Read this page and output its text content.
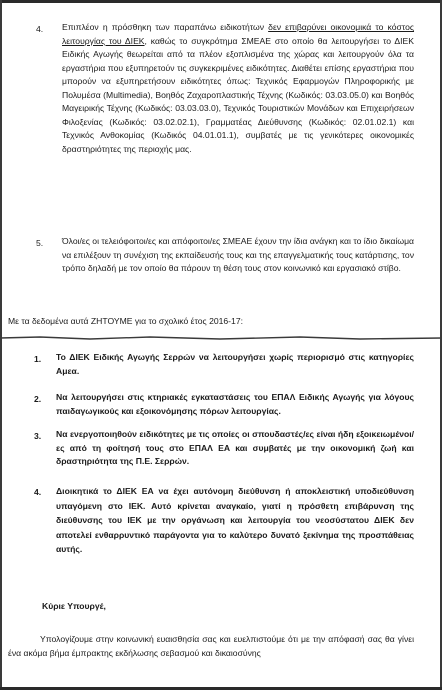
4. Επιπλέον η πρόσθηκη των παραπάνω ειδικοτήτων δεν επιβαρύνει οικονομικά το κόστος λειτουργίας του ΔΙΕΚ, καθώς το συγκρότημα ΣΜΕΑΕ στο οποίο θα λειτουργήσει το ΔΙΕΚ Ειδικής Αγωγής θεωρείται από τα πλέον εξοπλισμένα της χώρας και λειτουργούν όλα τα εργαστήρια που εξυπηρετούν τις συγκεκριμένες ειδικότητες. Διαθέτει επίσης εργαστήρια που μπορούν να εξυπηρετήσουν ειδικότητες όπως: Τεχνικός Εφαρμογών Πληροφορικής με Πολυμέσα (Multimedia), Βοηθός Ζαχαροπλαστικής Τέχνης (Κωδικός: 03.03.05.0) και Βοηθός Μαγειρικής Τέχνης (Κωδικός: 03.03.03.0), Τεχνικός Τουριστικών Μονάδων και Επιχειρήσεων Φιλοξενίας (Κωδικός: 03.02.02.1), Γραμματέας Διεύθυνσης (Κωδικός: 02.01.02.1) και Τεχνικός Ανθοκομίας (Κωδικός 04.01.01.1), συμβατές με τις γενικότερες οικονομικές δραστηριότητες της περιοχής μας.

5. Όλοι/ες οι τελειόφοιτοι/ες και απόφοιτοι/ες ΣΜΕΑΕ έχουν την ίδια ανάγκη και το ίδιο δικαίωμα να επιλέξουν τη συνέχιση της εκπαίδευσής τους και της επαγγελματικής τους κατάρτισης, τον τρόπο δηλαδή με τον οποίο θα πάρουν τη θέση τους στον κοινωνικό και εργασιακό στίβο.

Με τα δεδομένα αυτά ΖΗΤΟΥΜΕ για το σχολικό έτος 2016-17:
1. Το ΔΙΕΚ Ειδικής Αγωγής Σερρών να λειτουργήσει χωρίς περιορισμό στις κατηγορίες Αμεα.

2. Να λειτουργήσει στις κτηριακές εγκαταστάσεις του ΕΠΑΛ Ειδικής Αγωγής για λόγους παιδαγωγικούς και εξοικονόμησης πόρων λειτουργίας.

3. Να ενεργοποιηθούν ειδικότητες με τις οποίες οι σπουδαστές/ες είναι ήδη εξοικειωμένοι/ες από τη φοίτησή τους στο ΕΠΑΛ ΕΑ και συμβατές με την οικονομική ζωή και δραστηριότητα της Π.Ε. Σερρών.

4. Διοικητικά το ΔΙΕΚ ΕΑ να έχει αυτόνομη διεύθυνση ή αποκλειστική υποδιεύθυνση υπαγόμενη στο ΙΕΚ. Αυτό κρίνεται αναγκαίο, γιατί η πρόσθετη επιβάρυνση της διεύθυνσης του ΙΕΚ με την οργάνωση και λειτουργία του νεοσύστατου ΔΙΕΚ δεν αποτελεί ενθαρρυντικό παράγοντα για το καλύτερο δυνατό ξεκίνημα της προσπάθειας αυτής.

Κύριε Υπουργέ,

Υπολογίζουμε στην κοινωνική ευαισθησία σας και ευελπιστούμε ότι με την απόφασή σας θα γίνει ένα ακόμα βήμα έμπρακτης εκδήλωσης σεβασμού και δικαιοσύνης
